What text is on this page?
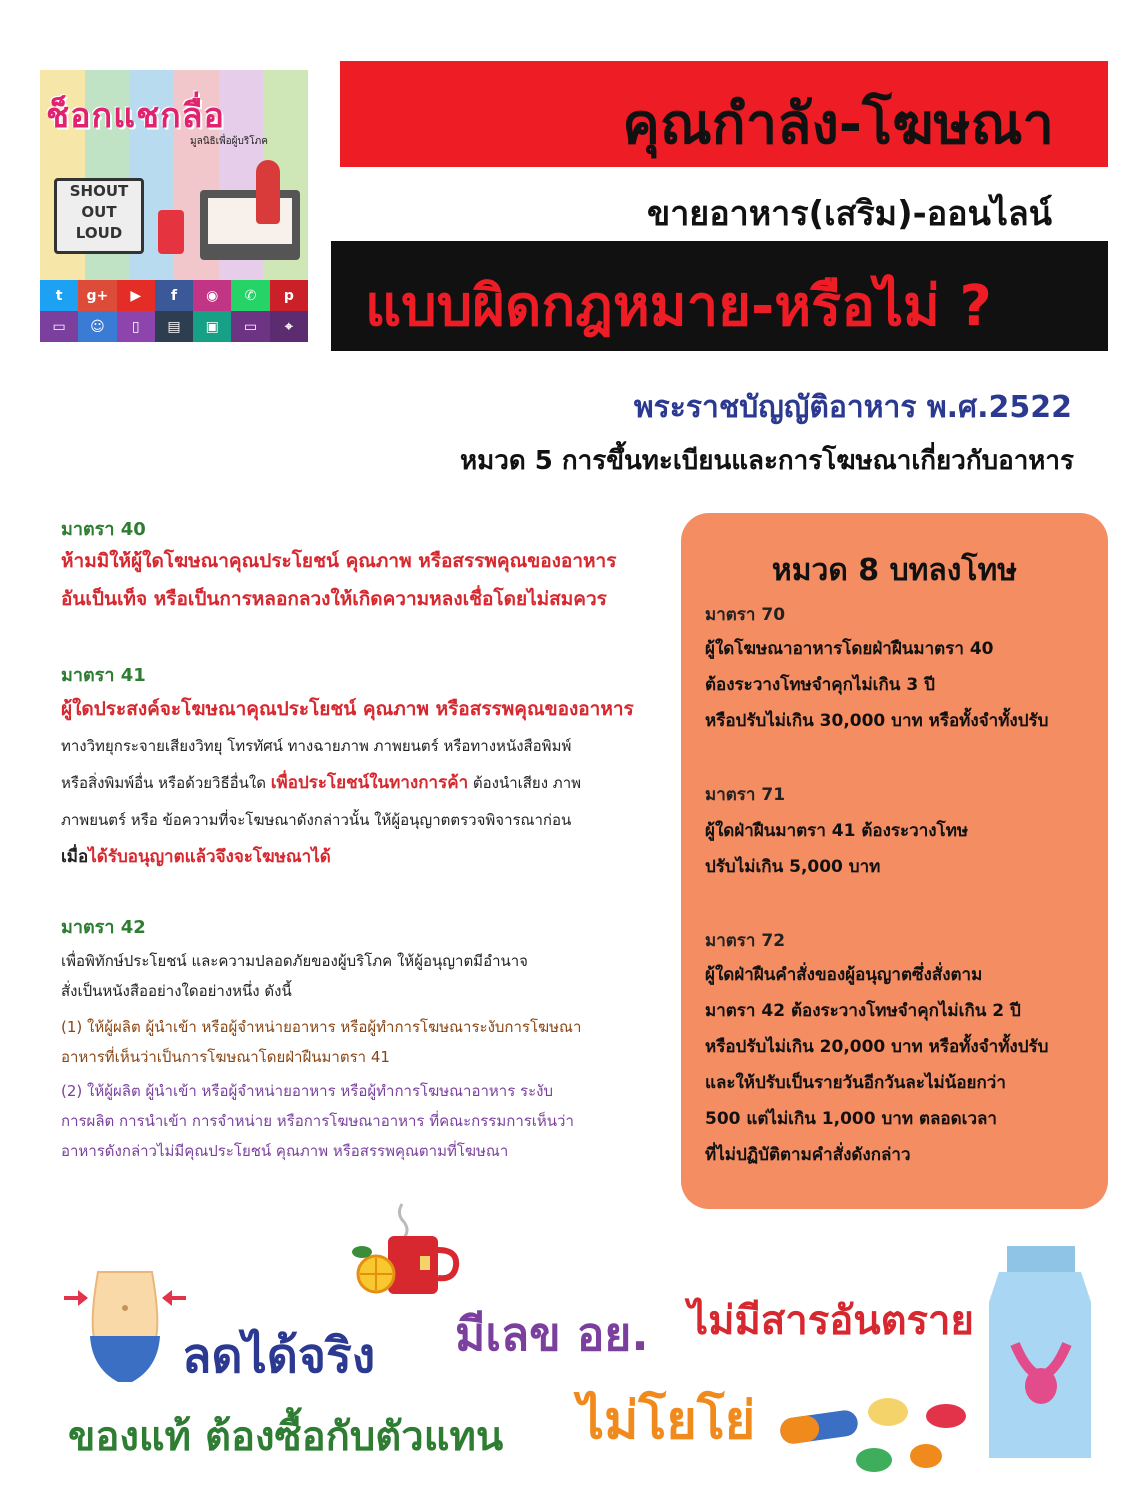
ช็อกแชกลื่อ
มูลนิธิเพื่อผู้บริโภค
SHOUT
OUT
LOUD
t	g+	▶	f	◉	✆	p
▭	☺	▯	▤	▣	▭	⌖
คุณกำลัง-โฆษณา
ขายอาหาร(เสริม)-ออนไลน์
แบบผิดกฎหมาย-หรือไม่ ?
พระราชบัญญัติอาหาร พ.ศ.2522
หมวด 5 การขึ้นทะเบียนและการโฆษณาเกี่ยวกับอาหาร
มาตรา 40
ห้ามมิให้ผู้ใดโฆษณาคุณประโยชน์ คุณภาพ หรือสรรพคุณของอาหาร
อันเป็นเท็จ หรือเป็นการหลอกลวงให้เกิดความหลงเชื่อโดยไม่สมควร
มาตรา 41
ผู้ใดประสงค์จะโฆษณาคุณประโยชน์ คุณภาพ หรือสรรพคุณของอาหาร
ทางวิทยุกระจายเสียงวิทยุ โทรทัศน์ ทางฉายภาพ ภาพยนตร์ หรือทางหนังสือพิมพ์
หรือสิ่งพิมพ์อื่น หรือด้วยวิธีอื่นใด เพื่อประโยชน์ในทางการค้า ต้องนำเสียง ภาพ
ภาพยนตร์ หรือ ข้อความที่จะโฆษณาดังกล่าวนั้น ให้ผู้อนุญาตตรวจพิจารณาก่อน
เมื่อได้รับอนุญาตแล้วจึงจะโฆษณาได้
มาตรา 42
เพื่อพิทักษ์ประโยชน์ และความปลอดภัยของผู้บริโภค ให้ผู้อนุญาตมีอำนาจ
สั่งเป็นหนังสืออย่างใดอย่างหนึ่ง ดังนี้
(1) ให้ผู้ผลิต ผู้นำเข้า หรือผู้จำหน่ายอาหาร หรือผู้ทำการโฆษณาระงับการโฆษณา
อาหารที่เห็นว่าเป็นการโฆษณาโดยฝ่าฝืนมาตรา 41
(2) ให้ผู้ผลิต ผู้นำเข้า หรือผู้จำหน่ายอาหาร หรือผู้ทำการโฆษณาอาหาร ระงับ
การผลิต การนำเข้า การจำหน่าย หรือการโฆษณาอาหาร ที่คณะกรรมการเห็นว่า
อาหารดังกล่าวไม่มีคุณประโยชน์ คุณภาพ หรือสรรพคุณตามที่โฆษณา
หมวด 8 บทลงโทษ
มาตรา 70
ผู้ใดโฆษณาอาหารโดยฝ่าฝืนมาตรา 40
ต้องระวางโทษจำคุกไม่เกิน 3 ปี
หรือปรับไม่เกิน 30,000 บาท หรือทั้งจำทั้งปรับ
มาตรา 71
ผู้ใดฝ่าฝืนมาตรา 41 ต้องระวางโทษ
ปรับไม่เกิน 5,000 บาท
มาตรา 72
ผู้ใดฝ่าฝืนคำสั่งของผู้อนุญาตซึ่งสั่งตาม
มาตรา 42 ต้องระวางโทษจำคุกไม่เกิน 2 ปี
หรือปรับไม่เกิน 20,000 บาท หรือทั้งจำทั้งปรับ
และให้ปรับเป็นรายวันอีกวันละไม่น้อยกว่า
500 แต่ไม่เกิน 1,000 บาท ตลอดเวลา
ที่ไม่ปฏิบัติตามคำสั่งดังกล่าว
ลดได้จริง มีเลข อย. ไม่มีสารอันตราย
ไม่โยโย่
ของแท้ ต้องซื้อกับตัวแทน
